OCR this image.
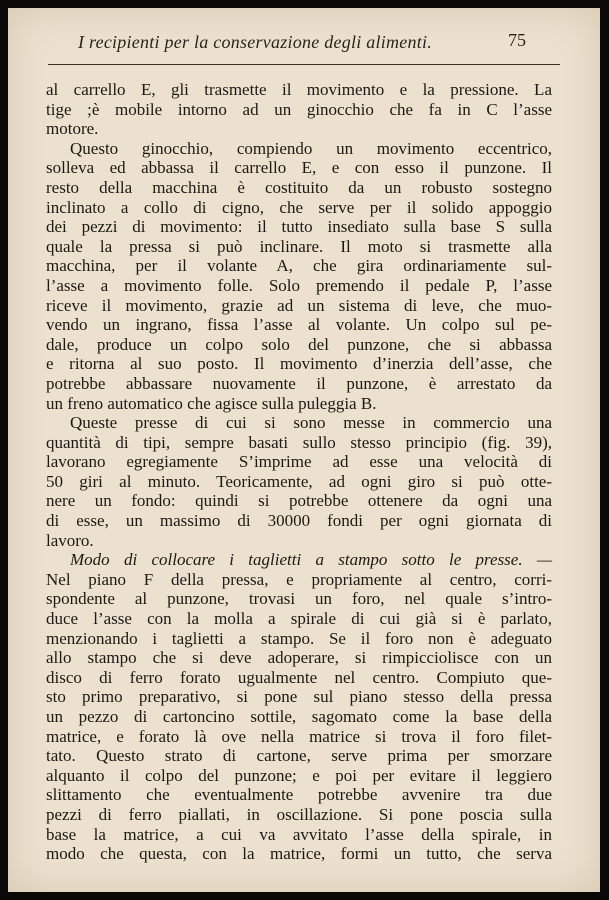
I recipienti per la conservazione degli alimenti.	75
al carrello E, gli trasmette il movimento e la pressione. La
tige ;è mobile intorno ad un ginocchio che fa in C l’asse
motore.
Questo ginocchio, compiendo un movimento eccentrico,
solleva ed abbassa il carrello E, e con esso il punzone. Il
resto della macchina è costituito da un robusto sostegno
inclinato a collo di cigno, che serve per il solido appoggio
dei pezzi di movimento: il tutto insediato sulla base S sulla
quale la pressa si può inclinare. Il moto si trasmette alla
macchina, per il volante A, che gira ordinariamente sul-
l’asse a movimento folle. Solo premendo il pedale P, l’asse
riceve il movimento, grazie ad un sistema di leve, che muo-
vendo un ingrano, fissa l’asse al volante. Un colpo sul pe-
dale, produce un colpo solo del punzone, che si abbassa
e ritorna al suo posto. Il movimento d’inerzia dell’asse, che
potrebbe abbassare nuovamente il punzone, è arrestato da
un freno automatico che agisce sulla puleggia B.
Queste presse di cui si sono messe in commercio una
quantità di tipi, sempre basati sullo stesso principio (fig. 39),
lavorano egregiamente S’imprime ad esse una velocità di
50 giri al minuto. Teoricamente, ad ogni giro si può otte-
nere un fondo: quindi si potrebbe ottenere da ogni una
di esse, un massimo di 30000 fondi per ogni giornata di
lavoro.
Modo di collocare i taglietti a stampo sotto le presse. —
Nel piano F della pressa, e propriamente al centro, corri-
spondente al punzone, trovasi un foro, nel quale s’intro-
duce l’asse con la molla a spirale di cui già si è parlato,
menzionando i taglietti a stampo. Se il foro non è adeguato
allo stampo che si deve adoperare, si rimpicciolisce con un
disco di ferro forato ugualmente nel centro. Compiuto que-
sto primo preparativo, si pone sul piano stesso della pressa
un pezzo di cartoncino sottile, sagomato come la base della
matrice, e forato là ove nella matrice si trova il foro filet-
tato. Questo strato di cartone, serve prima per smorzare
alquanto il colpo del punzone; e poi per evitare il leggiero
slittamento che eventualmente potrebbe avvenire tra due
pezzi di ferro piallati, in oscillazione. Si pone poscia sulla
base la matrice, a cui va avvitato l’asse della spirale, in
modo che questa, con la matrice, formi un tutto, che serva
